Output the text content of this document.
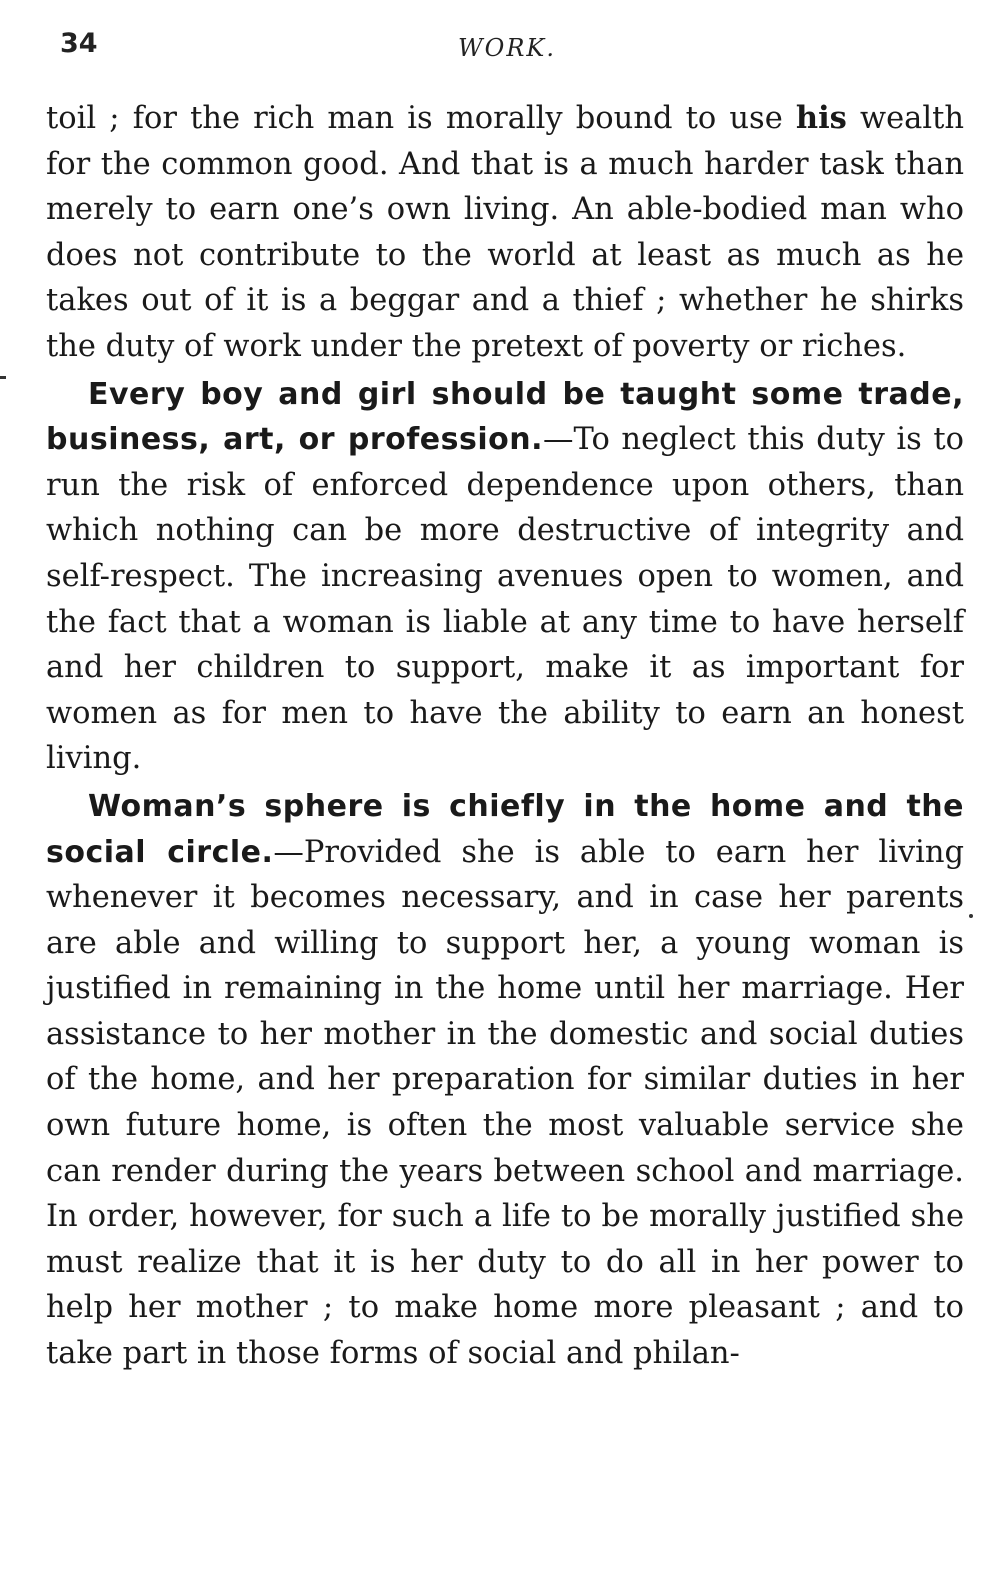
34	WORK.

toil ; for the rich man is morally bound to use his wealth for the common good. And that is a much harder task than merely to earn one’s own living. An able-bodied man who does not contribute to the world at least as much as he takes out of it is a beggar and a thief ; whether he shirks the duty of work under the pretext of poverty or riches.

Every boy and girl should be taught some trade, business, art, or profession.—To neglect this duty is to run the risk of enforced dependence upon others, than which nothing can be more destructive of integrity and self-respect. The increasing avenues open to women, and the fact that a woman is liable at any time to have herself and her children to support, make it as important for women as for men to have the ability to earn an honest living.

Woman’s sphere is chiefly in the home and the social circle.—Provided she is able to earn her living whenever it becomes necessary, and in case her parents are able and willing to support her, a young woman is justified in remaining in the home until her marriage. Her assistance to her mother in the domestic and social duties of the home, and her preparation for similar duties in her own future home, is often the most valuable service she can render during the years between school and marriage. In order, however, for such a life to be morally justified she must realize that it is her duty to do all in her power to help her mother ; to make home more pleasant ; and to take part in those forms of social and philan-
